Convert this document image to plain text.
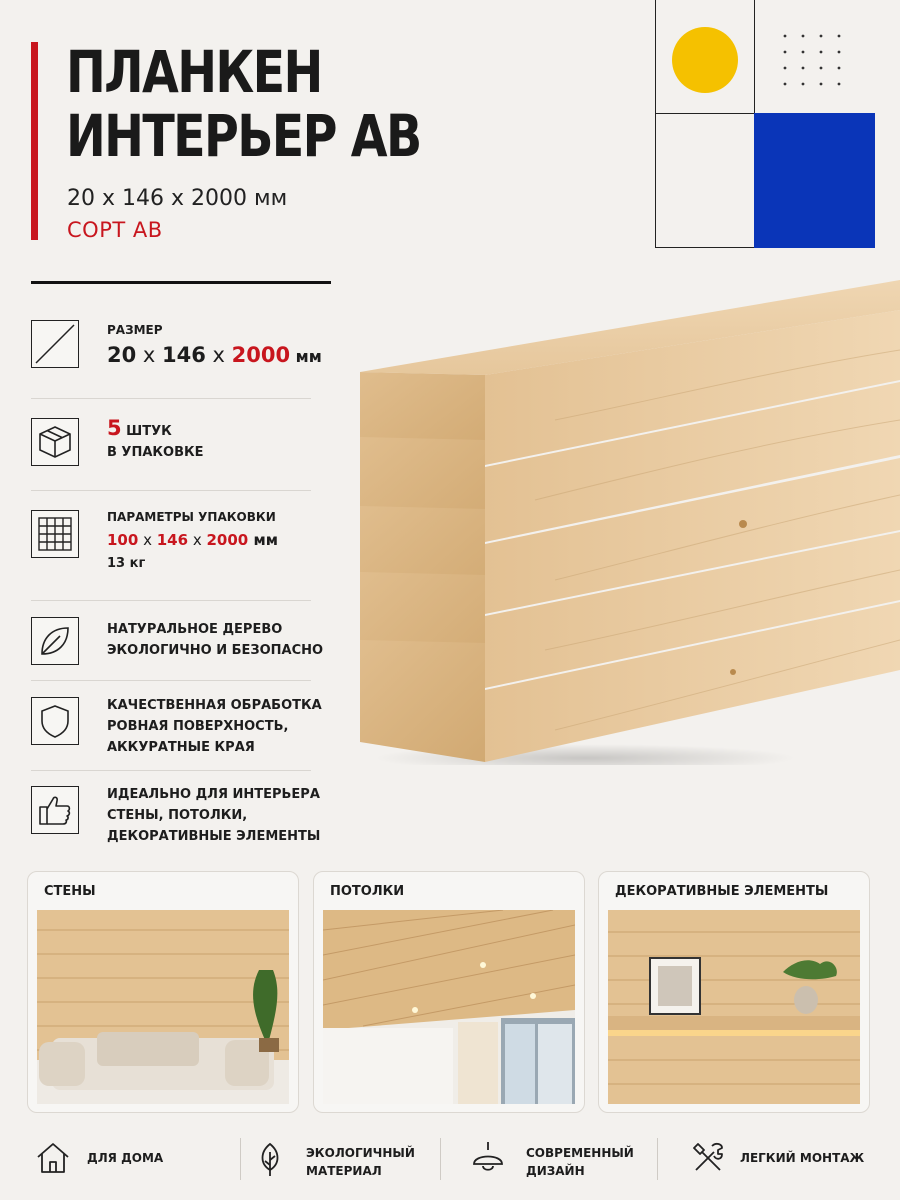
ПЛАНКЕН
ИНТЕРЬЕР АВ
20 х 146 х 2000 мм
СОРТ АВ
РАЗМЕР
20 х 146 х 2000 мм
5 ШТУК
В УПАКОВКЕ
ПАРАМЕТРЫ УПАКОВКИ
100 х 146 х 2000 мм
13 кг
НАТУРАЛЬНОЕ ДЕРЕВО
ЭКОЛОГИЧНО И БЕЗОПАСНО
КАЧЕСТВЕННАЯ ОБРАБОТКА
РОВНАЯ ПОВЕРХНОСТЬ,
АККУРАТНЫЕ КРАЯ
ИДЕАЛЬНО ДЛЯ ИНТЕРЬЕРА
СТЕНЫ, ПОТОЛКИ,
ДЕКОРАТИВНЫЕ ЭЛЕМЕНТЫ
СТЕНЫ	ПОТОЛКИ	ДЕКОРАТИВНЫЕ ЭЛЕМЕНТЫ
ДЛЯ ДОМА	ЭКОЛОГИЧНЫЙ
МАТЕРИАЛ
СОВРЕМЕННЫЙ
ДИЗАЙН
ЛЕГКИЙ МОНТАЖ
